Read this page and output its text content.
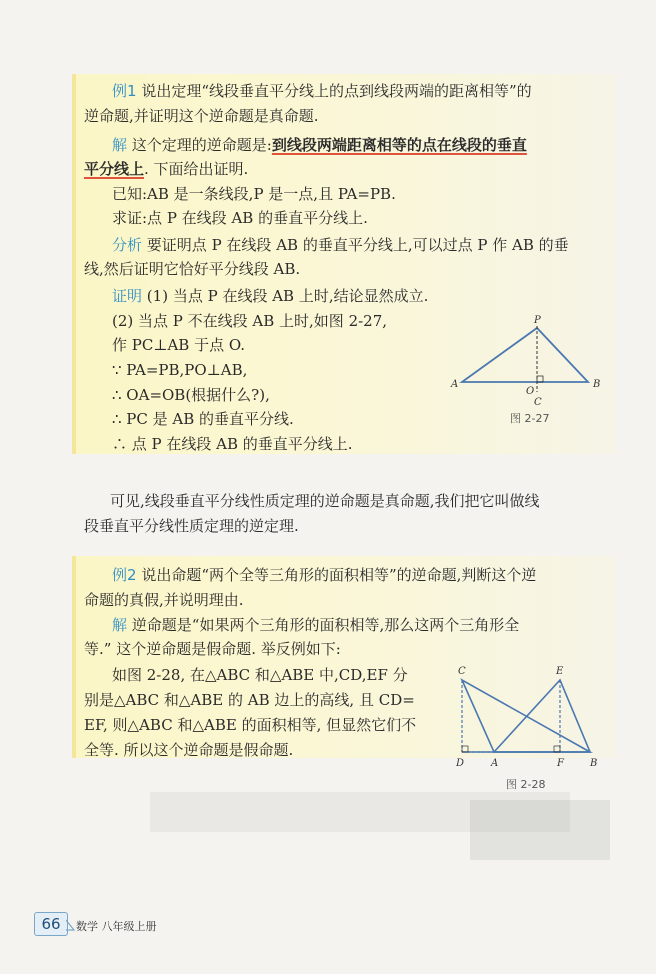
例1 说出定理“线段垂直平分线上的点到线段两端的距离相等”的
逆命题,并证明这个逆命题是真命题.
解 这个定理的逆命题是:到线段两端距离相等的点在线段的垂直
平分线上. 下面给出证明.
已知:AB 是一条线段,P 是一点,且 PA=PB.
求证:点 P 在线段 AB 的垂直平分线上.
分析 要证明点 P 在线段 AB 的垂直平分线上,可以过点 P 作 AB 的垂
线,然后证明它恰好平分线段 AB.
证明 (1) 当点 P 在线段 AB 上时,结论显然成立.
(2) 当点 P 不在线段 AB 上时,如图 2-27,
作 PC⊥AB 于点 O.
∵ PA=PB,PO⊥AB,
∴ OA=OB(根据什么?),
∴ PC 是 AB 的垂直平分线.
∴ 点 P 在线段 AB 的垂直平分线上.
P
A	B
O
C
图 2-27
可见,线段垂直平分线性质定理的逆命题是真命题,我们把它叫做线
段垂直平分线性质定理的逆定理.
例2 说出命题“两个全等三角形的面积相等”的逆命题,判断这个逆
命题的真假,并说明理由.
解 逆命题是“如果两个三角形的面积相等,那么这两个三角形全
等.” 这个逆命题是假命题. 举反例如下:
如图 2-28, 在△ABC 和△ABE 中,CD,EF 分
别是△ABC 和△ABE 的 AB 边上的高线, 且 CD=
EF, 则△ABC 和△ABE 的面积相等, 但显然它们不
全等. 所以这个逆命题是假命题.
C	E
D	A	F	B
图 2-28
66	数学 八年级上册
